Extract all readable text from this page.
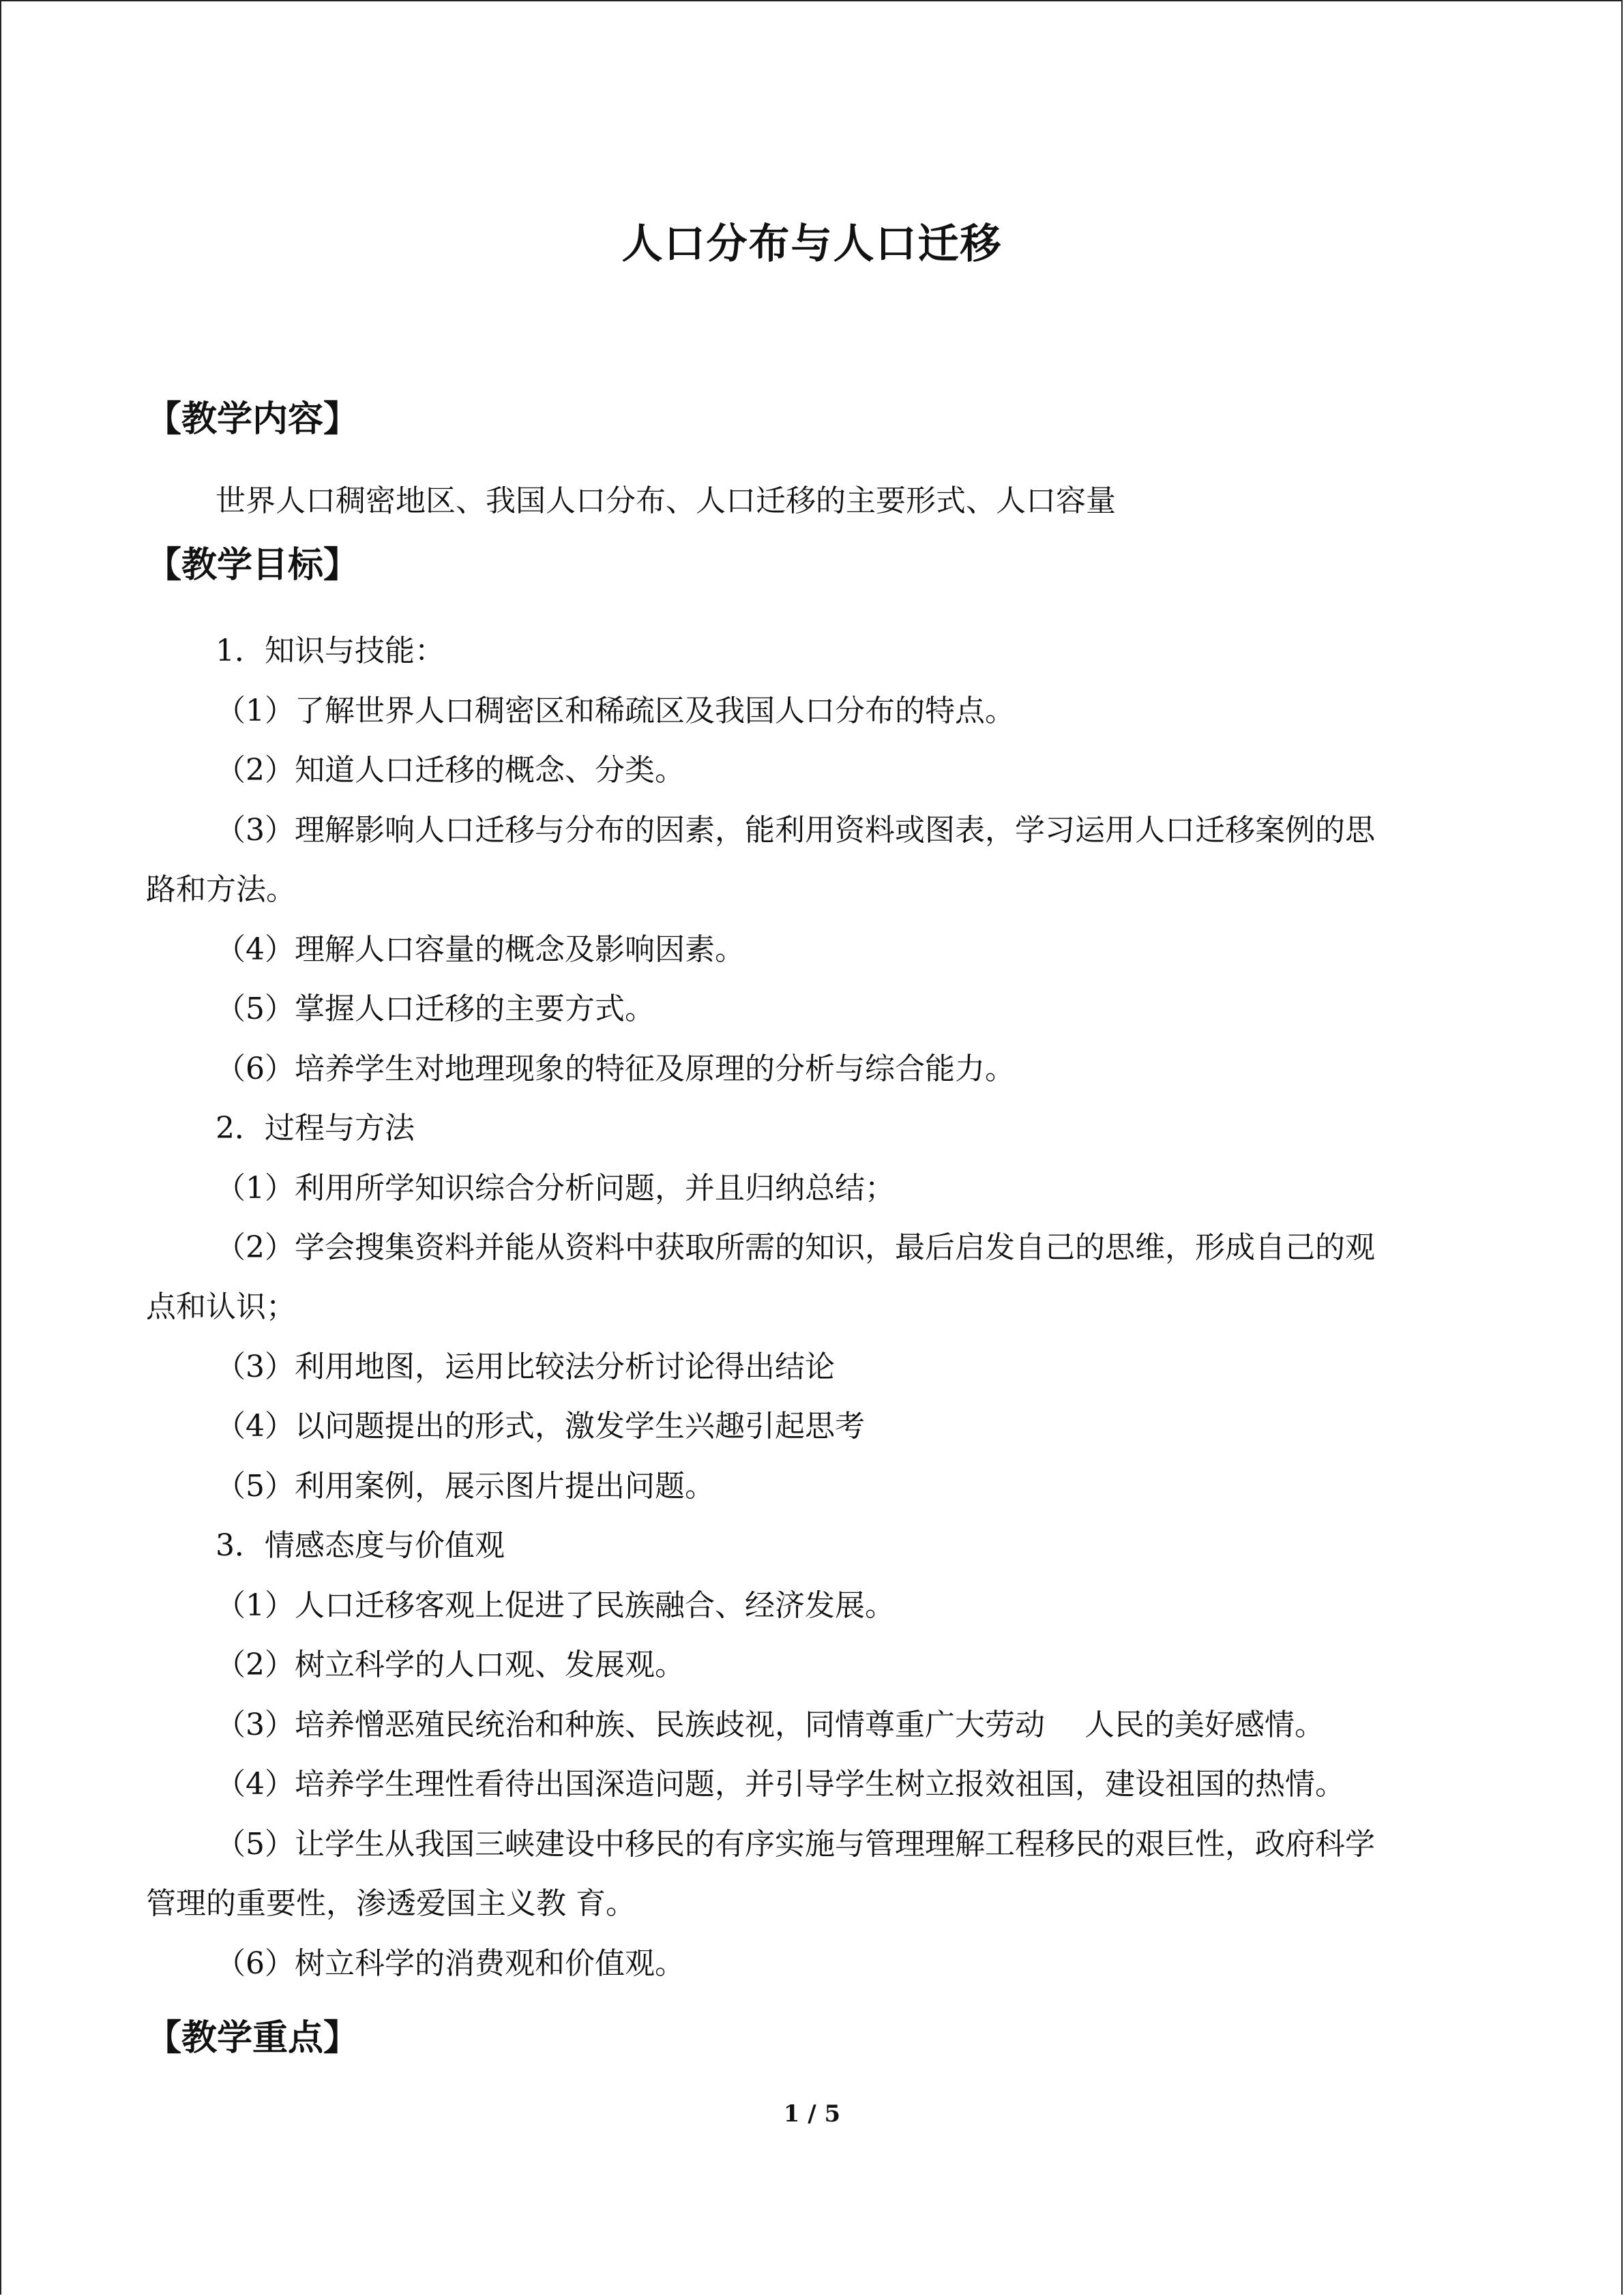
人口分布与人口迁移
【教学内容】
世界人口稠密地区、我国人口分布、人口迁移的主要形式、人口容量
【教学目标】
1．知识与技能：
（1）了解世界人口稠密区和稀疏区及我国人口分布的特点。
（2）知道人口迁移的概念、分类。
（3）理解影响人口迁移与分布的因素，能利用资料或图表，学习运用人口迁移案例的思
路和方法。
（4）理解人口容量的概念及影响因素。
（5）掌握人口迁移的主要方式。
（6）培养学生对地理现象的特征及原理的分析与综合能力。
2．过程与方法
（1）利用所学知识综合分析问题，并且归纳总结；
（2）学会搜集资料并能从资料中获取所需的知识，最后启发自己的思维，形成自己的观
点和认识；
（3）利用地图，运用比较法分析讨论得出结论
（4）以问题提出的形式，激发学生兴趣引起思考
（5）利用案例，展示图片提出问题。
3．情感态度与价值观
（1）人口迁移客观上促进了民族融合、经济发展。
（2）树立科学的人口观、发展观。
（3）培养憎恶殖民统治和种族、民族歧视，同情尊重广大劳动　 人民的美好感情。
（4）培养学生理性看待出国深造问题，并引导学生树立报效祖国，建设祖国的热情。
（5）让学生从我国三峡建设中移民的有序实施与管理理解工程移民的艰巨性，政府科学
管理的重要性，渗透爱国主义教 育。
（6）树立科学的消费观和价值观。
【教学重点】
1 / 5
